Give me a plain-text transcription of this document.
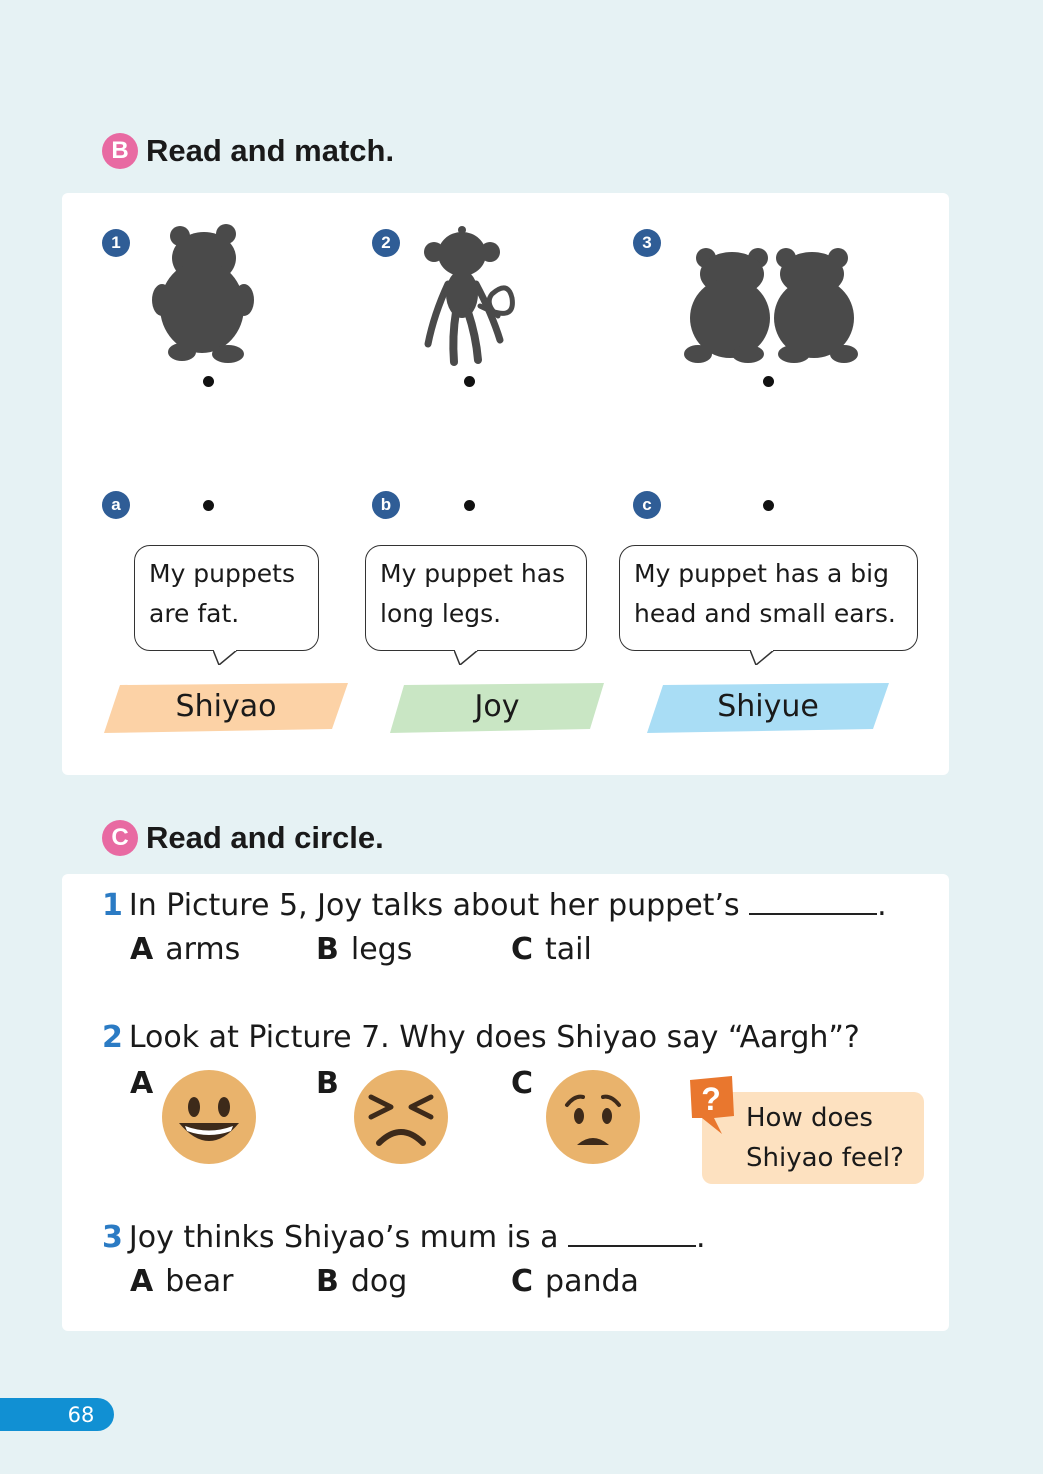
B Read and match.
1	2	3
a	b	c
My puppets
are fat.
My puppet has
long legs.
My puppet has a big
head and small ears.
Shiyao	Joy	Shiyue
C Read and circle.
1 In Picture 5, Joy talks about her puppet’s	.
A arms	B legs	C tail
2 Look at Picture 7. Why does Shiyao say “Aargh”?
A	B	C	?
How does
Shiyao feel?
3 Joy thinks Shiyao’s mum is a	.
A bear	B dog	C panda
68
